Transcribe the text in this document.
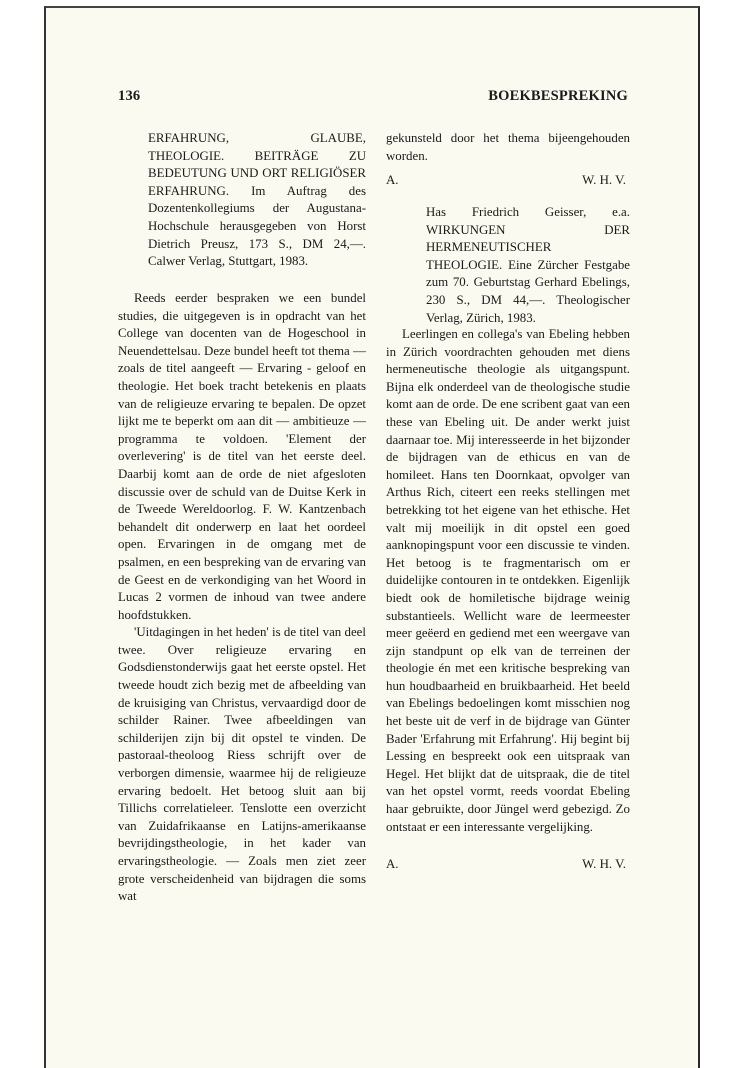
136	BOEKBESPREKING
ERFAHRUNG, GLAUBE, THEOLOGIE. BEITRÄGE ZU BEDEUTUNG UND ORT RELIGIÖSER ERFAHRUNG. Im Auftrag des Dozentenkollegiums der Augustana-Hochschule herausgegeben von Horst Dietrich Preusz, 173 S., DM 24,—. Calwer Verlag, Stuttgart, 1983.

Reeds eerder bespraken we een bundel studies, die uitgegeven is in opdracht van het College van docenten van de Hogeschool in Neuendettelsau. Deze bundel heeft tot thema — zoals de titel aangeeft — Ervaring - geloof en theologie. Het boek tracht betekenis en plaats van de religieuze ervaring te bepalen. De opzet lijkt me te beperkt om aan dit — ambitieuze — programma te voldoen. 'Element der overlevering' is de titel van het eerste deel. Daarbij komt aan de orde de niet afgesloten discussie over de schuld van de Duitse Kerk in de Tweede Wereldoorlog. F. W. Kantzenbach behandelt dit onderwerp en laat het oordeel open. Ervaringen in de omgang met de psalmen, en een bespreking van de ervaring van de Geest en de verkondiging van het Woord in Lucas 2 vormen de inhoud van twee andere hoofdstukken.

'Uitdagingen in het heden' is de titel van deel twee. Over religieuze ervaring en Godsdienstonderwijs gaat het eerste opstel. Het tweede houdt zich bezig met de afbeelding van de kruisiging van Christus, vervaardigd door de schilder Rainer. Twee afbeeldingen van schilderijen zijn bij dit opstel te vinden. De pastoraal-theoloog Riess schrijft over de verborgen dimensie, waarmee hij de religieuze ervaring bedoelt. Het betoog sluit aan bij Tillichs correlatieleer. Tenslotte een overzicht van Zuidafrikaanse en Latijns-amerikaanse bevrijdingstheologie, in het kader van ervaringstheologie. — Zoals men ziet zeer grote verscheidenheid van bijdragen die soms wat

gekunsteld door het thema bijeengehouden worden.
A.	W. H. V.
Has Friedrich Geisser, e.a. WIRKUNGEN DER HERMENEUTISCHER THEOLOGIE. Eine Zürcher Festgabe zum 70. Geburtstag Gerhard Ebelings, 230 S., DM 44,—. Theologischer Verlag, Zürich, 1983.

Leerlingen en collega's van Ebeling hebben in Zürich voordrachten gehouden met diens hermeneutische theologie als uitgangspunt. Bijna elk onderdeel van de theologische studie komt aan de orde. De ene scribent gaat van een these van Ebeling uit. De ander werkt juist daarnaar toe. Mij interesseerde in het bijzonder de bijdragen van de ethicus en van de homileet. Hans ten Doornkaat, opvolger van Arthus Rich, citeert een reeks stellingen met betrekking tot het eigene van het ethische. Het valt mij moeilijk in dit opstel een goed aanknopingspunt voor een discussie te vinden. Het betoog is te fragmentarisch om er duidelijke contouren in te ontdekken. Eigenlijk biedt ook de homiletische bijdrage weinig substantieels. Wellicht ware de leermeester meer geëerd en gediend met een weergave van zijn standpunt op elk van de terreinen der theologie én met een kritische bespreking van hun houdbaarheid en bruikbaarheid. Het beeld van Ebelings bedoelingen komt misschien nog het beste uit de verf in de bijdrage van Günter Bader 'Erfahrung mit Erfahrung'. Hij begint bij Lessing en bespreekt ook een uitspraak van Hegel. Het blijkt dat de uitspraak, die de titel van het opstel vormt, reeds voordat Ebeling haar gebruikte, door Jüngel werd gebezigd. Zo ontstaat er een interessante vergelijking.

A.	W. H. V.
